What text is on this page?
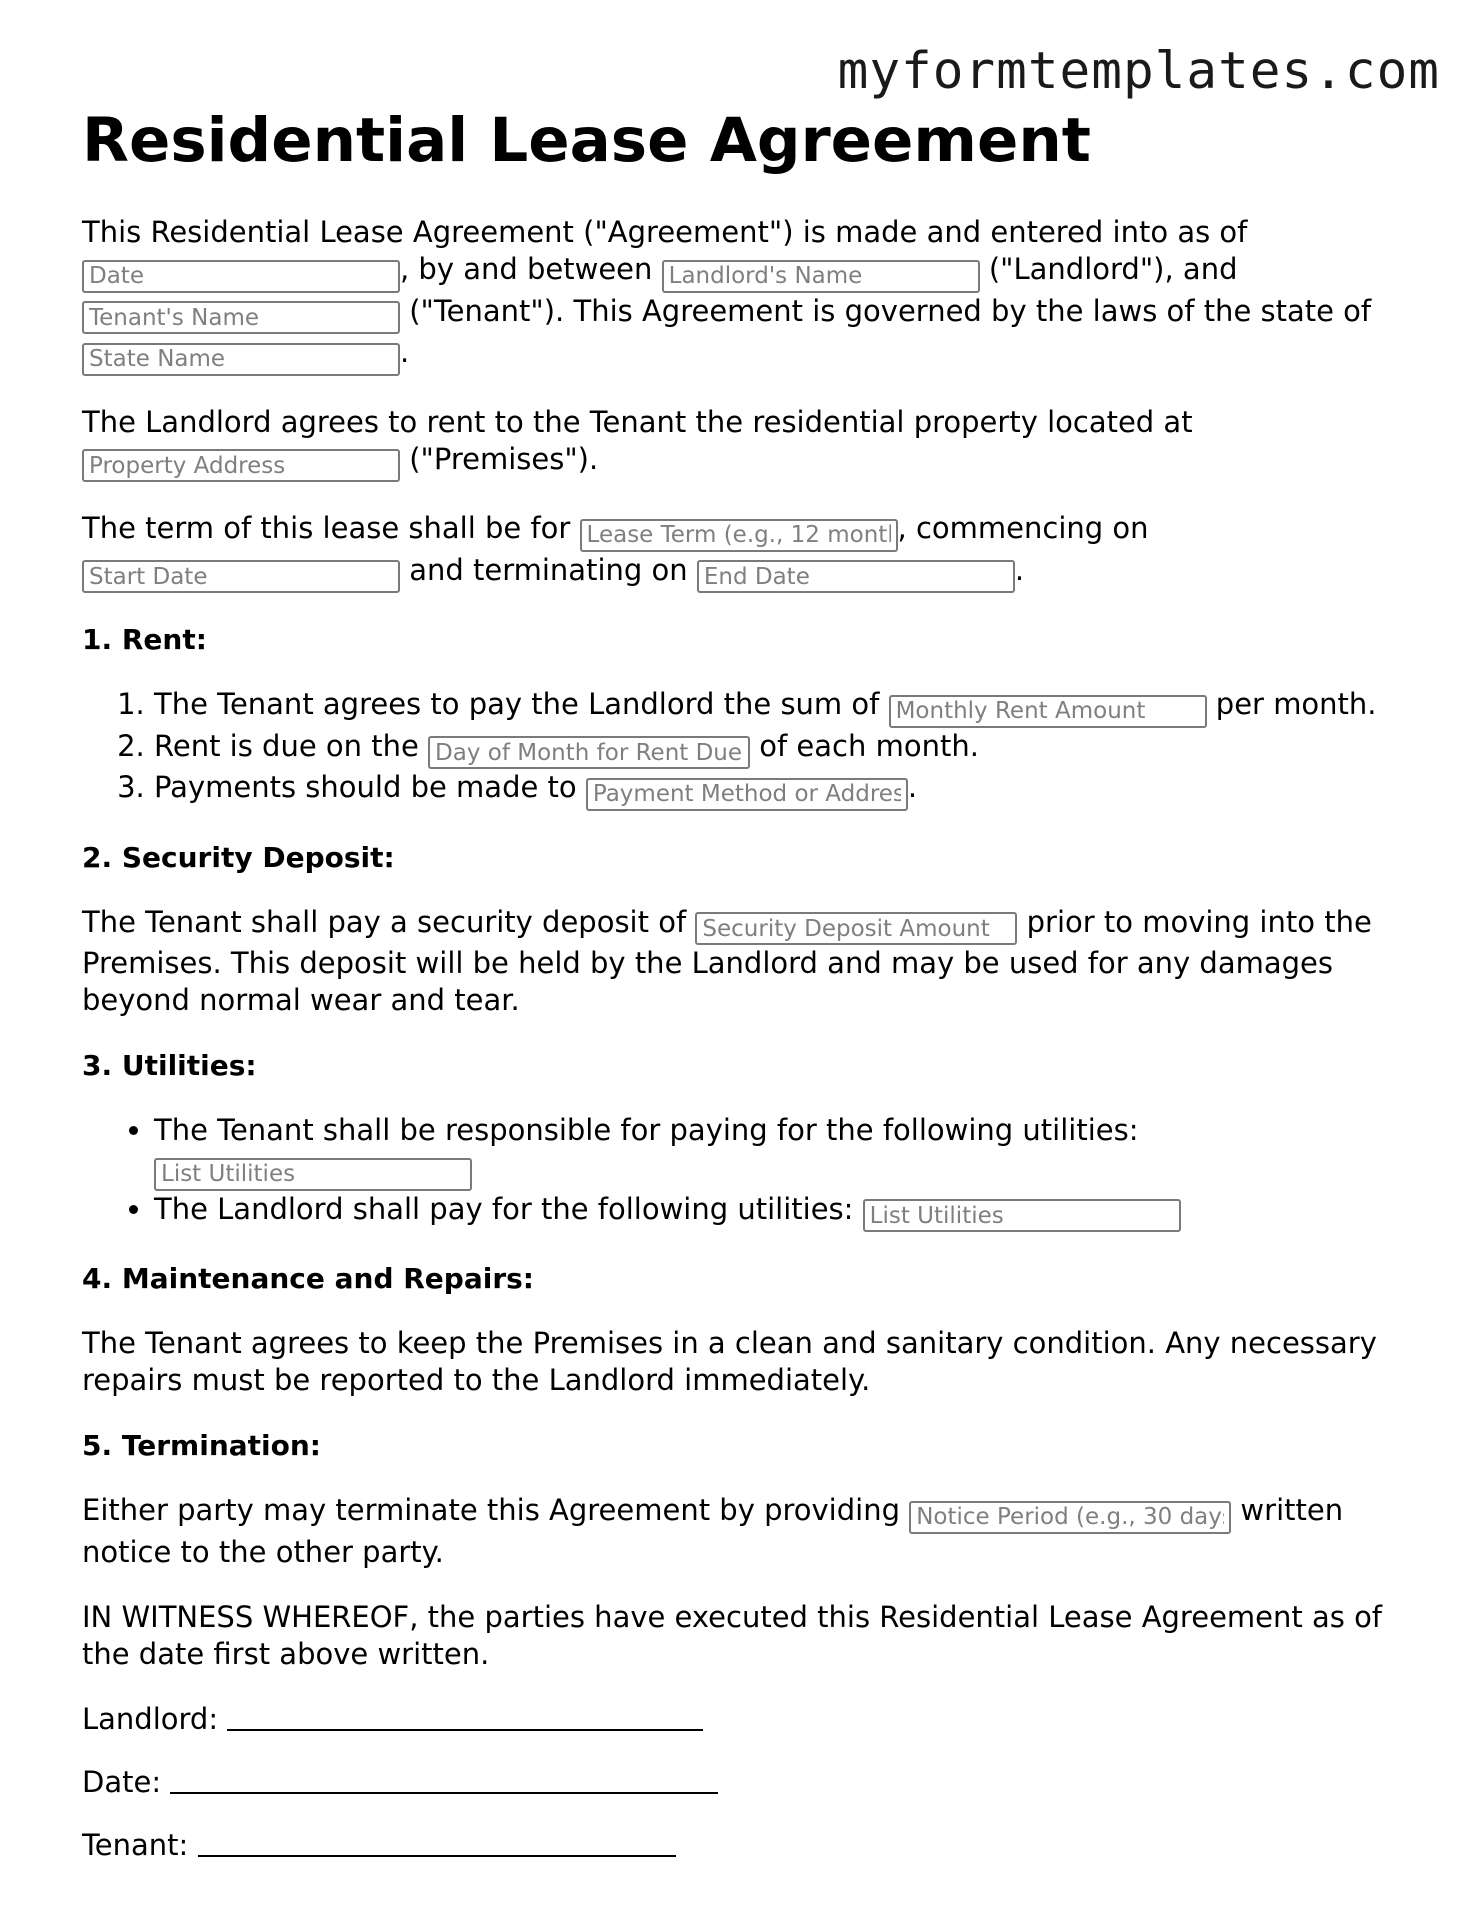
myformtemplates.com
Residential Lease Agreement

This Residential Lease Agreement ("Agreement") is made and entered into as of
Date, by and between Landlord's Name	("Landlord"), and
Tenant's Name ("Tenant"). This Agreement is governed by the laws of the state of
State Name.

The Landlord agrees to rent to the Tenant the residential property located at
Property Address ("Premises").

The term of this lease shall be for Lease Term (e.g., 12 months)	, commencing on
Start Date and terminating on End Date	.

1. Rent:
1. The Tenant agrees to pay the Landlord the sum of Monthly Rent Amount	per month.
2. Rent is due on the Day of Month for Rent Due	of each month.
3. Payments should be made to Payment Method or Address	.
2. Security Deposit:

The Tenant shall pay a security deposit of Security Deposit Amount	prior to moving into the
Premises. This deposit will be held by the Landlord and may be used for any damages
beyond normal wear and tear.

3. Utilities:
• The Tenant shall be responsible for paying for the following utilities:
List Utilities
• The Landlord shall pay for the following utilities: List Utilities
4. Maintenance and Repairs:

The Tenant agrees to keep the Premises in a clean and sanitary condition. Any necessary
repairs must be reported to the Landlord immediately.

5. Termination:

Either party may terminate this Agreement by providing Notice Period (e.g., 30 days)	written
notice to the other party.

IN WITNESS WHEREOF, the parties have executed this Residential Lease Agreement as of
the date first above written.

Landlord:

Date:

Tenant:
